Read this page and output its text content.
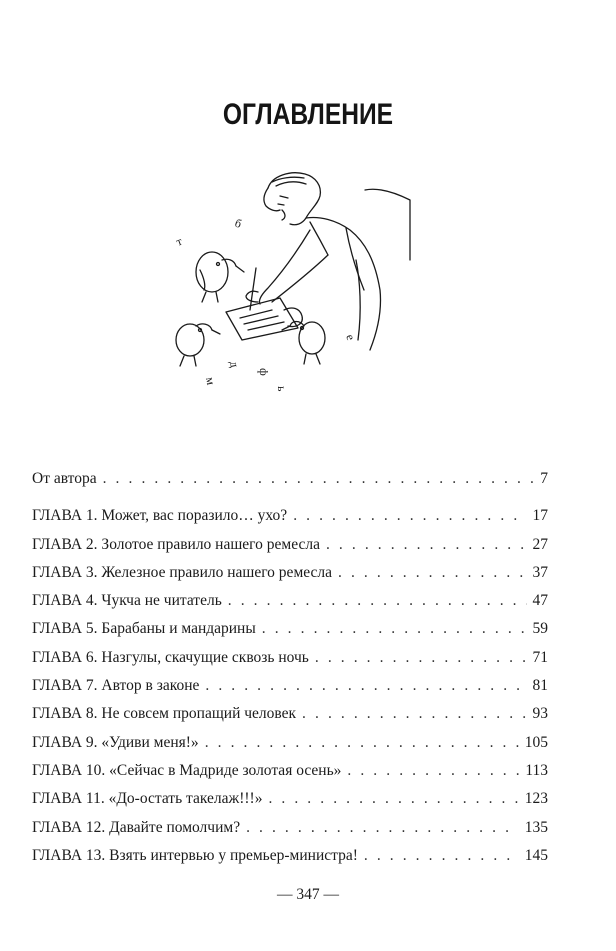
ОГЛАВЛЕНИЕ
т
б
м
д
е
ф
ь
От автора . . .	7
ГЛАВА 1. Может, вас поразило… ухо? . . .	17
ГЛАВА 2. Золотое правило нашего ремесла . . .	27
ГЛАВА 3. Железное правило нашего ремесла . . .	37
ГЛАВА 4. Чукча не читатель . . .	47
ГЛАВА 5. Барабаны и мандарины . . .	59
ГЛАВА 6. Назгулы, скачущие сквозь ночь . . .	71
ГЛАВА 7. Автор в законе . . .	81
ГЛАВА 8. Не совсем пропащий человек . . .	93
ГЛАВА 9. «Удиви меня!» . . .	105
ГЛАВА 10. «Сейчас в Мадриде золотая осень» . . .	113
ГЛАВА 11. «До-остать такелаж!!!» . . .	123
ГЛАВА 12. Давайте помолчим? . . .	135
ГЛАВА 13. Взять интервью у премьер-министра! . . .	145
— 347 —
